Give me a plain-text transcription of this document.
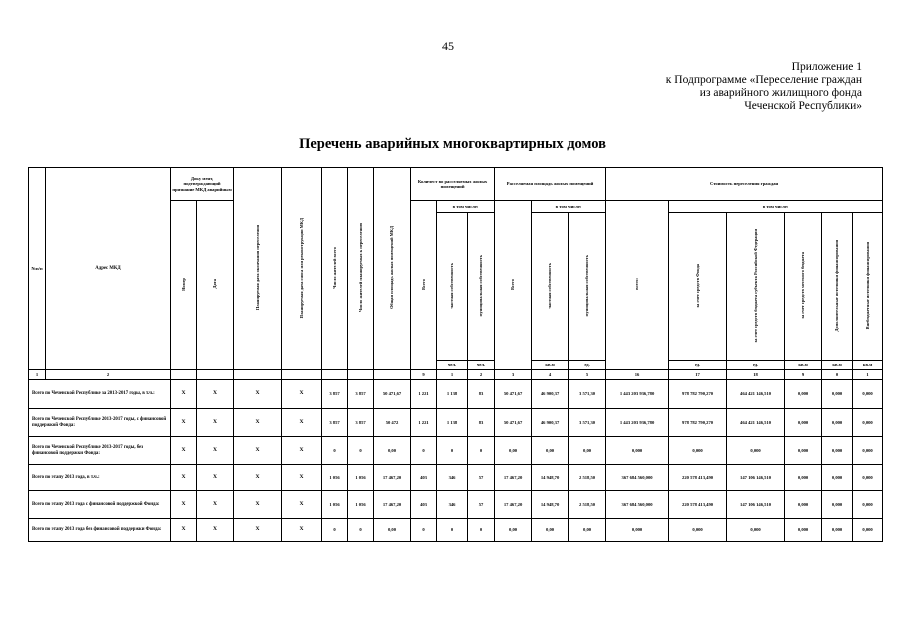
45
Приложение 1
к Подпрограмме «Переселение граждан
из аварийного жилищного фонда
Чеченской Республики»
Перечень аварийных многоквартирных домов
№п/п	Адрес МКД	Доку мент, подтверждающий признание МКД аварийным		Планируемая дата окончания переселения	Планируемая дата сноса или реконструкции МКД	Число жителей всего	Число жителей планируемых к переселению	Общая площадь жилых помещений МКД	Количест во расселяемых жилых помещений			Расселяемая площадь жилых помещений			Стоимость переселения граждан						
		Номер	Дата						Всего	в том числе:		Всего	в том числе:		всего:	в том числе:					
										частная собственность	муниципальная собственность		частная собственность	муниципальная собственность		за счет средств Фонда	за счет средств бюджета субъекта Российской Федерации	за счет средств местного бюджета	Дополнительные источники финансирования	Внебюджетные источники финансирования	
										чел.	чел.		кв.м	ед.		ед.	ед.	кв.м	кв.м	кв.м						
1	2								9	1	2	3	4	5	16	17	18	9	0	1	
Всего по Чеченской Республике за 2013-2017 годы, в т.ч.:		X	X	X	X	3 857	3 857	50 471,67	1 221	1 138	83	50 471,67	46 900,37	3 571,30	1 443 203 936,780	978 782 790,270	464 421 146,510	0,000	0,000	0,000	
Всего по Чеченской Республике 2013-2017 годы, с финансовой поддержкой Фонда:		X	X	X	X	3 857	3 857	50 472	1 221	1 138	83	50 471,67	46 900,37	3 571,30	1 443 203 936,780	978 782 790,270	464 421 146,510	0,000	0,000	0,000	
Всего по Чеченской Республике 2013-2017 годы, без финансовой поддержки Фонда:		X	X	X	X	0	0	0,00	0	0	0	0,00	0,00	0,00	0,000	0,000	0,000	0,000	0,000	0,000	
Всего по этапу 2013 года, в т.ч.:		X	X	X	X	1 056	1 056	17 467,20	403	346	57	17 467,20	14 948,70	2 518,50	367 684 560,000	220 578 413,490	147 106 146,510	0,000	0,000	0,000	
Всего по этапу 2013 года с финансовой поддержкой Фонда:		X	X	X	X	1 056	1 056	17 467,20	403	346	57	17 467,20	14 948,70	2 518,50	367 684 560,000	220 578 413,490	147 106 146,510	0,000	0,000	0,000	
Всего по этапу 2013 года без финансовой поддержки Фонда:		X	X	X	X	0	0	0,00	0	0	0	0,00	0,00	0,00	0,000	0,000	0,000	0,000	0,000	0,000	
